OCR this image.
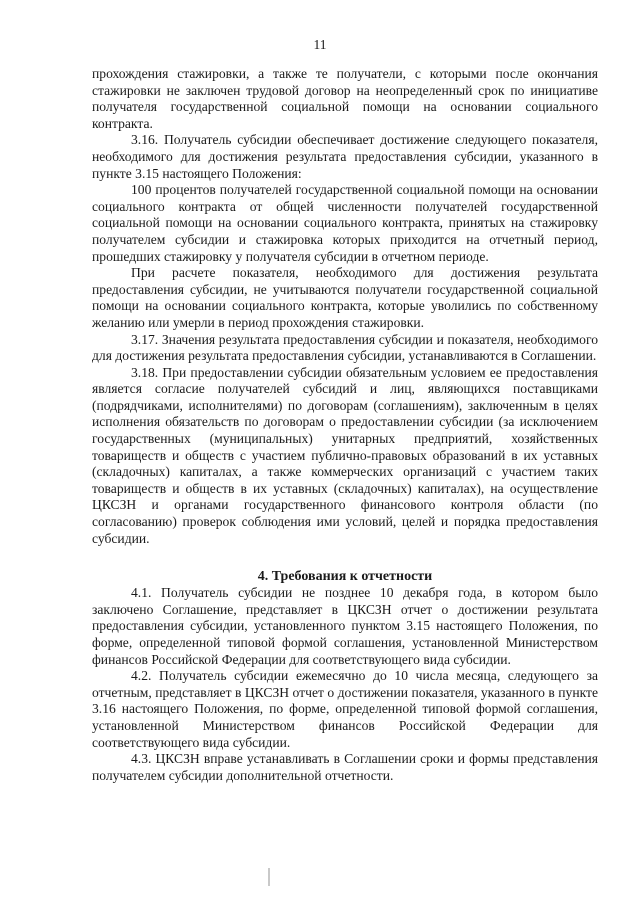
11

прохождения стажировки, а также те получатели, с которыми после окончания стажировки не заключен трудовой договор на неопределенный срок по инициативе получателя государственной социальной помощи на основании социального контракта.

3.16. Получатель субсидии обеспечивает достижение следующего показателя, необходимого для достижения результата предоставления субсидии, указанного в пункте 3.15 настоящего Положения:

100 процентов получателей государственной социальной помощи на основании социального контракта от общей численности получателей государственной социальной помощи на основании социального контракта, принятых на стажировку получателем субсидии и стажировка которых приходится на отчетный период, прошедших стажировку у получателя субсидии в отчетном периоде.

При расчете показателя, необходимого для достижения результата предоставления субсидии, не учитываются получатели государственной социальной помощи на основании социального контракта, которые уволились по собственному желанию или умерли в период прохождения стажировки.

3.17. Значения результата предоставления субсидии и показателя, необходимого для достижения результата предоставления субсидии, устанавливаются в Соглашении.

3.18. При предоставлении субсидии обязательным условием ее предоставления является согласие получателей субсидий и лиц, являющихся поставщиками (подрядчиками, исполнителями) по договорам (соглашениям), заключенным в целях исполнения обязательств по договорам о предоставлении субсидии (за исключением государственных (муниципальных) унитарных предприятий, хозяйственных товариществ и обществ с участием публично-правовых образований в их уставных (складочных) капиталах, а также коммерческих организаций с участием таких товариществ и обществ в их уставных (складочных) капиталах), на осуществление ЦКСЗН и органами государственного финансового контроля области (по согласованию) проверок соблюдения ими условий, целей и порядка предоставления субсидии.

4. Требования к отчетности

4.1. Получатель субсидии не позднее 10 декабря года, в котором было заключено Соглашение, представляет в ЦКСЗН отчет о достижении результата предоставления субсидии, установленного пунктом 3.15 настоящего Положения, по форме, определенной типовой формой соглашения, установленной Министерством финансов Российской Федерации для соответствующего вида субсидии.

4.2. Получатель субсидии ежемесячно до 10 числа месяца, следующего за отчетным, представляет в ЦКСЗН отчет о достижении показателя, указанного в пункте 3.16 настоящего Положения, по форме, определенной типовой формой соглашения, установленной Министерством финансов Российской Федерации для соответствующего вида субсидии.

4.3. ЦКСЗН вправе устанавливать в Соглашении сроки и формы представления получателем субсидии дополнительной отчетности.
